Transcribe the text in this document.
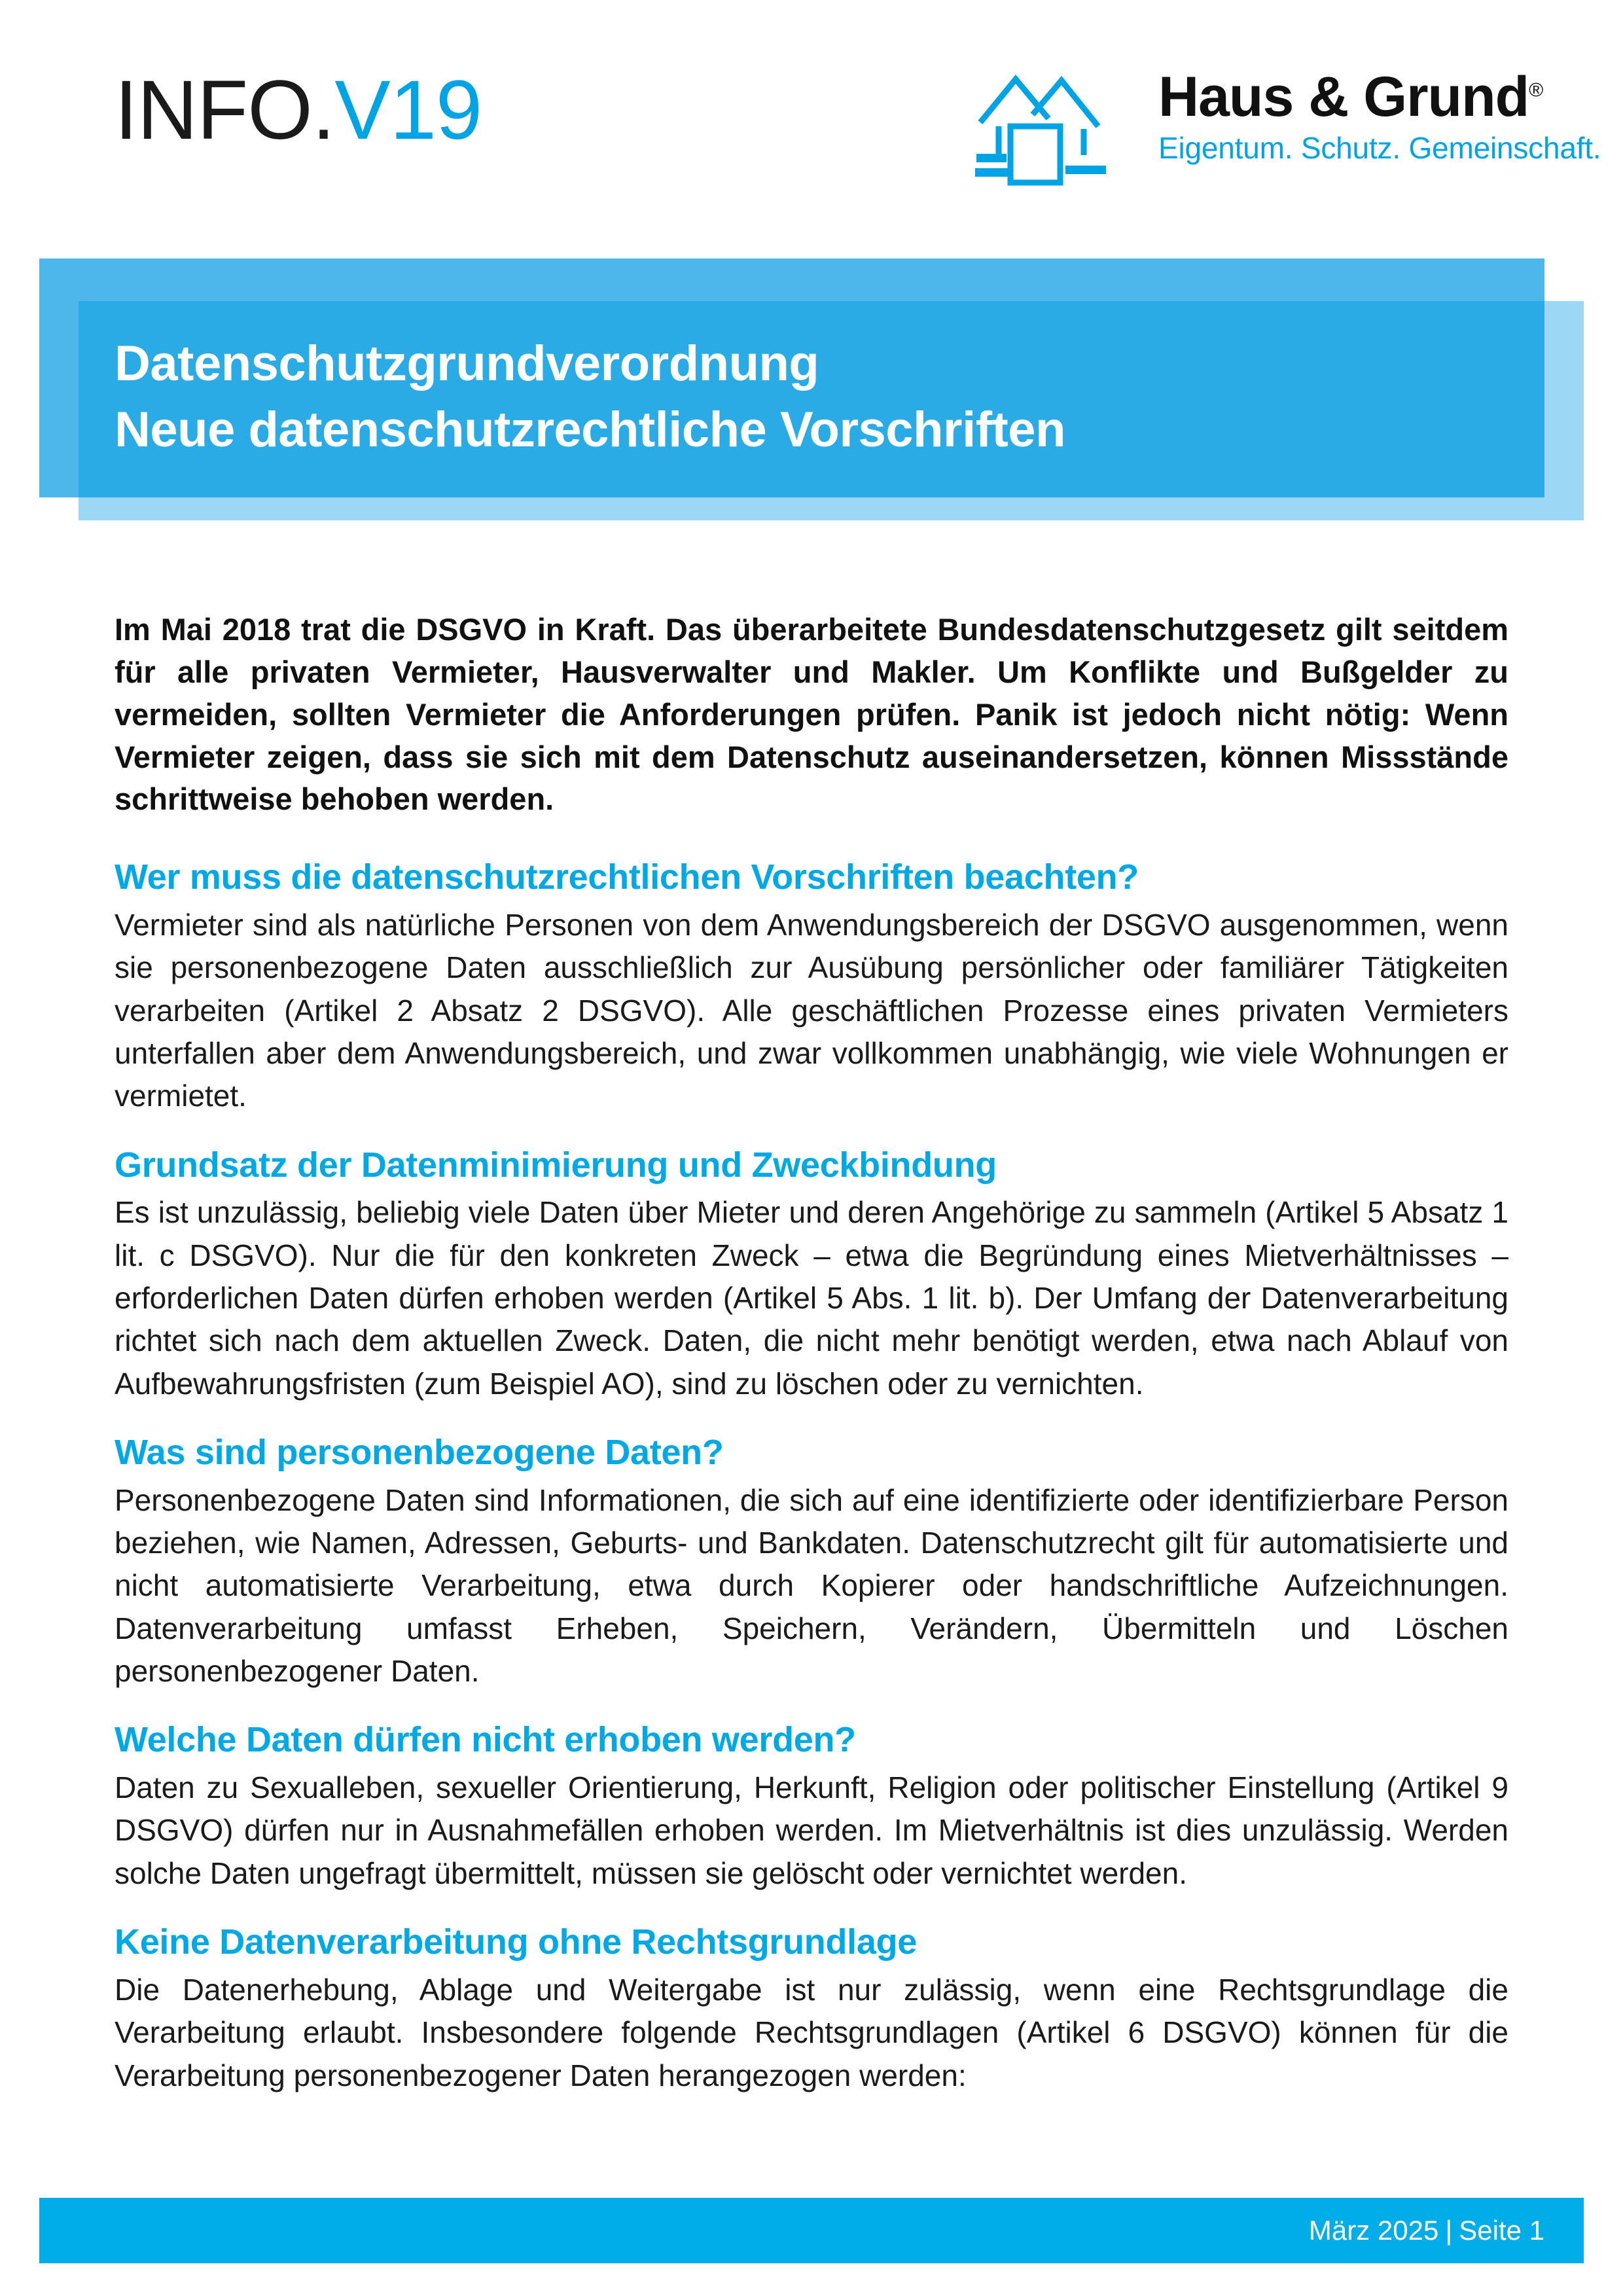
INFO.V19	Haus & Grund®
Eigentum. Schutz. Gemeinschaft.
Datenschutzgrundverordnung
Neue datenschutzrechtliche Vorschriften

Im Mai 2018 trat die DSGVO in Kraft. Das überarbeitete Bundesdatenschutzgesetz gilt seitdem für alle privaten Vermieter, Hausverwalter und Makler. Um Konflikte und Bußgelder zu vermeiden, sollten Vermieter die Anforderungen prüfen. Panik ist jedoch nicht nötig: Wenn Vermieter zeigen, dass sie sich mit dem Datenschutz auseinandersetzen, können Missstände schrittweise behoben werden.

Wer muss die datenschutzrechtlichen Vorschriften beachten?

Vermieter sind als natürliche Personen von dem Anwendungsbereich der DSGVO ausgenommen, wenn sie personenbezogene Daten ausschließlich zur Ausübung persönlicher oder familiärer Tätigkeiten verarbeiten (Artikel 2 Absatz 2 DSGVO). Alle geschäftlichen Prozesse eines privaten Vermieters unterfallen aber dem Anwendungsbereich, und zwar vollkommen unabhängig, wie viele Wohnungen er vermietet.

Grundsatz der Datenminimierung und Zweckbindung

Es ist unzulässig, beliebig viele Daten über Mieter und deren Angehörige zu sammeln (Artikel 5 Absatz 1 lit. c DSGVO). Nur die für den konkreten Zweck – etwa die Begründung eines Mietverhältnisses – erforderlichen Daten dürfen erhoben werden (Artikel 5 Abs. 1 lit. b). Der Umfang der Datenverarbeitung richtet sich nach dem aktuellen Zweck. Daten, die nicht mehr benötigt werden, etwa nach Ablauf von Aufbewahrungsfristen (zum Beispiel AO), sind zu löschen oder zu vernichten.

Was sind personenbezogene Daten?

Personenbezogene Daten sind Informationen, die sich auf eine identifizierte oder identifizierbare Person beziehen, wie Namen, Adressen, Geburts- und Bankdaten. Datenschutzrecht gilt für automatisierte und nicht automatisierte Verarbeitung, etwa durch Kopierer oder handschriftliche Aufzeichnungen. Datenverarbeitung umfasst Erheben, Speichern, Verändern, Übermitteln und Löschen personenbezogener Daten.

Welche Daten dürfen nicht erhoben werden?

Daten zu Sexualleben, sexueller Orientierung, Herkunft, Religion oder politischer Einstellung (Artikel 9 DSGVO) dürfen nur in Ausnahmefällen erhoben werden. Im Mietverhältnis ist dies unzulässig. Werden solche Daten ungefragt übermittelt, müssen sie gelöscht oder vernichtet werden.

Keine Datenverarbeitung ohne Rechtsgrundlage

Die Datenerhebung, Ablage und Weitergabe ist nur zulässig, wenn eine Rechtsgrundlage die Verarbeitung erlaubt. Insbesondere folgende Rechtsgrundlagen (Artikel 6 DSGVO) können für die Verarbeitung personenbezogener Daten herangezogen werden:

März 2025 | Seite 1
